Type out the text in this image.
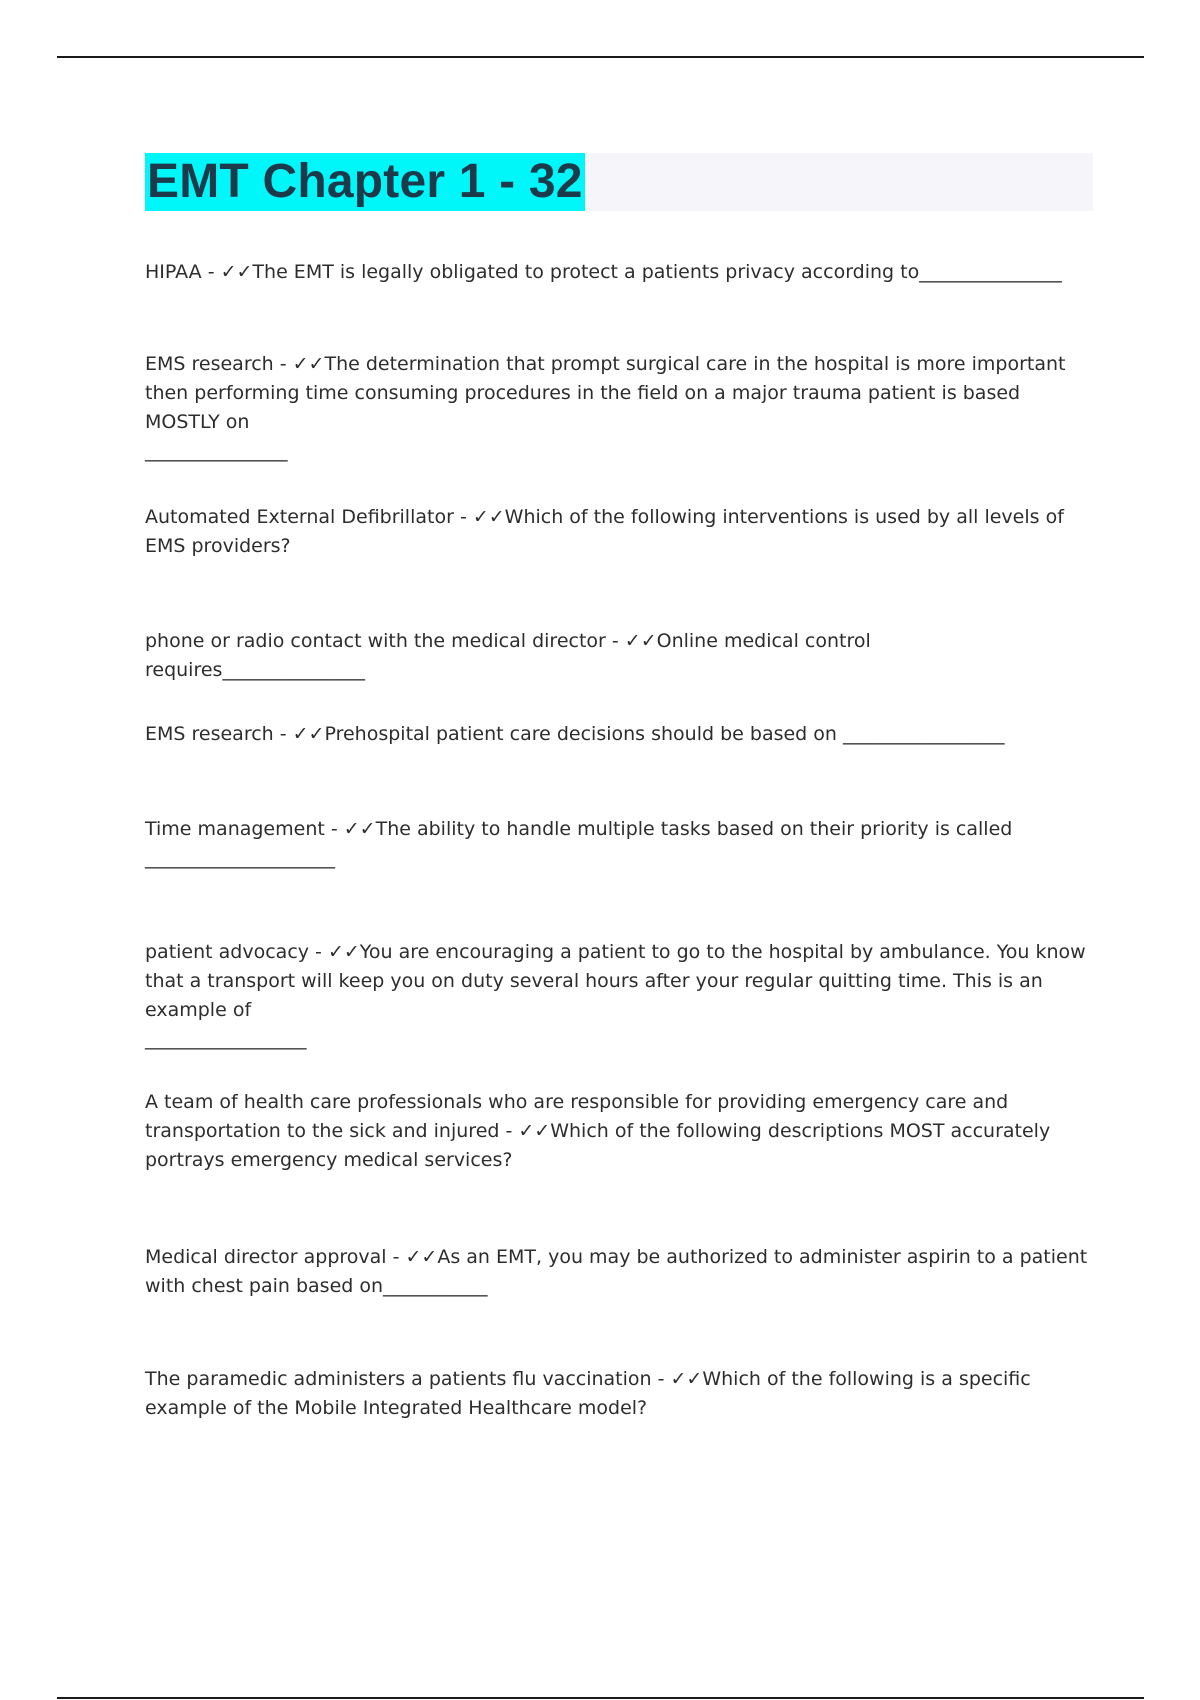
EMT Chapter 1 - 32
HIPAA - ✓✓The EMT is legally obligated to protect a patients privacy according to_______________
EMS research - ✓✓The determination that prompt surgical care in the hospital is more important then performing time consuming procedures in the field on a major trauma patient is based MOSTLY on
_______________
Automated External Defibrillator - ✓✓Which of the following interventions is used by all levels of EMS providers?
phone or radio contact with the medical director - ✓✓Online medical control requires_______________
EMS research - ✓✓Prehospital patient care decisions should be based on _________________
Time management - ✓✓The ability to handle multiple tasks based on their priority is called
____________________
patient advocacy - ✓✓You are encouraging a patient to go to the hospital by ambulance. You know that a transport will keep you on duty several hours after your regular quitting time. This is an example of
_________________
A team of health care professionals who are responsible for providing emergency care and transportation to the sick and injured - ✓✓Which of the following descriptions MOST accurately portrays emergency medical services?
Medical director approval - ✓✓As an EMT, you may be authorized to administer aspirin to a patient with chest pain based on___________
The paramedic administers a patients flu vaccination - ✓✓Which of the following is a specific example of the Mobile Integrated Healthcare model?
